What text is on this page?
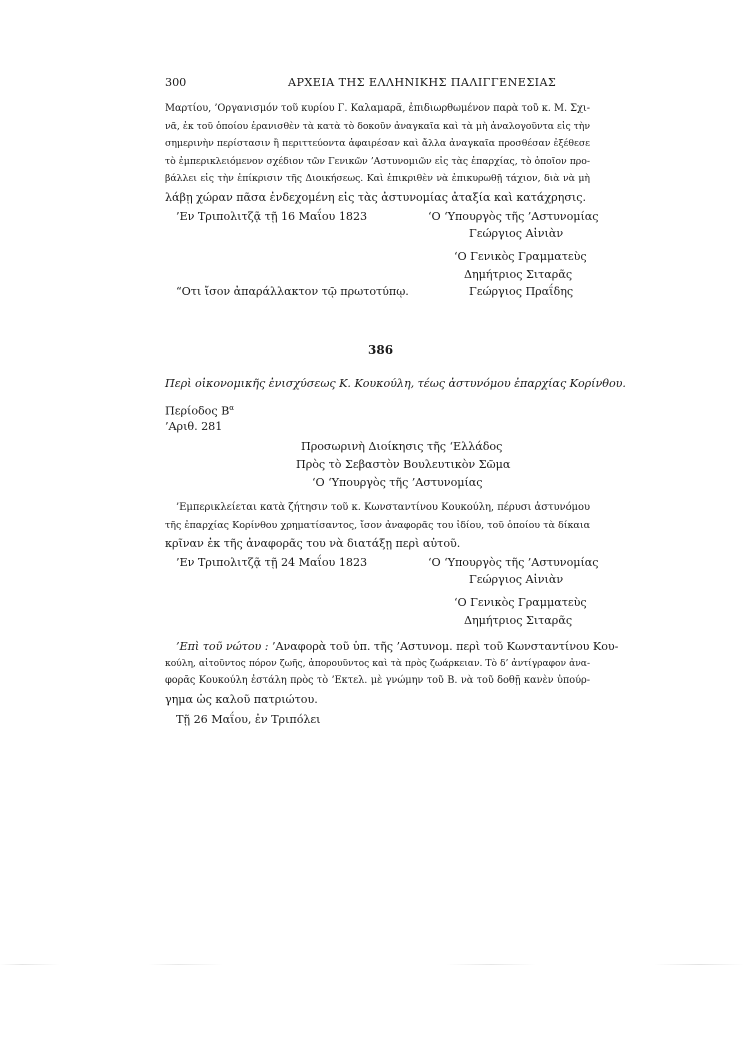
300	ΑΡΧΕΙΑ ΤΗΣ ΕΛΛΗΝΙΚΗΣ ΠΑΛΙΓΓΕΝΕΣΙΑΣ
Μαρτίου, ’Οργανισμόν τοῦ κυρίου Γ. Καλαμαρᾶ, ἐπιδιωρθωμένον παρὰ τοῦ κ. Μ. Σχι-
νᾶ, ἐκ τοῦ ὁποίου ἐρανισθὲν τὰ κατὰ τὸ δοκοῦν ἀναγκαῖα καὶ τὰ μὴ ἀναλογοῦντα εἰς τὴν
σημερινὴν περίστασιν ἢ περιττεύοντα ἀφαιρέσαν καὶ ἄλλα ἀναγκαῖα προσθέσαν ἐξέθεσε
τὸ ἐμπερικλειόμενον σχέδιον τῶν Γενικῶν ’Αστυνομιῶν εἰς τὰς ἐπαρχίας, τὸ ὁποῖον προ-
βάλλει εἰς τὴν ἐπίκρισιν τῆς Διοικήσεως. Καὶ ἐπικριθὲν νὰ ἐπικυρωθῇ τάχιον, διὰ νὰ μὴ
λάβῃ χώραν πᾶσα ἐνδεχομένη εἰς τὰς ἀστυνομίας ἀταξία καὶ κατάχρησις.
’Εν Τριπολιτζᾷ τῇ 16 Μαΐου 1823	‘Ο ‘Υπουργὸς τῆς ’Αστυνομίας
Γεώργιος Αἰνιὰν
‘Ο Γενικὸς Γραμματεὺς
Δημήτριος Σιταρᾶς
“Οτι ἴσον ἀπαράλλακτον τῷ πρωτοτύπῳ.	Γεώργιος Πραΐδης
386
Περὶ οἰκονομικῆς ἐνισχύσεως Κ. Κουκούλη, τέως ἀστυνόμου ἐπαρχίας Κορίνθου.
Περίοδος $B^\alpha$
’Αριθ. 281
Προσωρινὴ Διοίκησις τῆς ‘Ελλάδος
Πρὸς τὸ Σεβαστὸν Βουλευτικὸν Σῶμα
‘Ο ‘Υπουργὸς τῆς ’Αστυνομίας
’Εμπερικλείεται κατὰ ζήτησιν τοῦ κ. Κωνσταντίνου Κουκούλη, πέρυσι ἀστυνόμου
τῆς ἐπαρχίας Κορίνθου χρηματίσαντος, ἴσον ἀναφορᾶς του ἰδίου, τοῦ ὁποίου τὰ δίκαια
κρῖναν ἐκ τῆς ἀναφορᾶς του νὰ διατάξῃ περὶ αὐτοῦ.
’Εν Τριπολιτζᾷ τῇ 24 Μαΐου 1823	‘Ο ‘Υπουργὸς τῆς ’Αστυνομίας
Γεώργιος Αἰνιὰν
‘Ο Γενικὸς Γραμματεὺς
Δημήτριος Σιταρᾶς
’Επὶ τοῦ νώτου : ’Αναφορὰ τοῦ ὑπ. τῆς ’Αστυνομ. περὶ τοῦ Κωνσταντίνου Κου-
κούλη, αἰτοῦντος πόρον ζωῆς, ἀπορουῦντος καὶ τὰ πρὸς ζωάρκειαν. Τὸ δ’ ἀντίγραφον ἀνα-
φορᾶς Κουκούλη ἐστάλη πρὸς τὸ ’Εκτελ. μὲ γνώμην τοῦ Β. νὰ τοῦ δοθῇ κανὲν ὑπούρ-
γημα ὡς καλοῦ πατριώτου.
Τῇ 26 Μαΐου, ἐν Τριπόλει
